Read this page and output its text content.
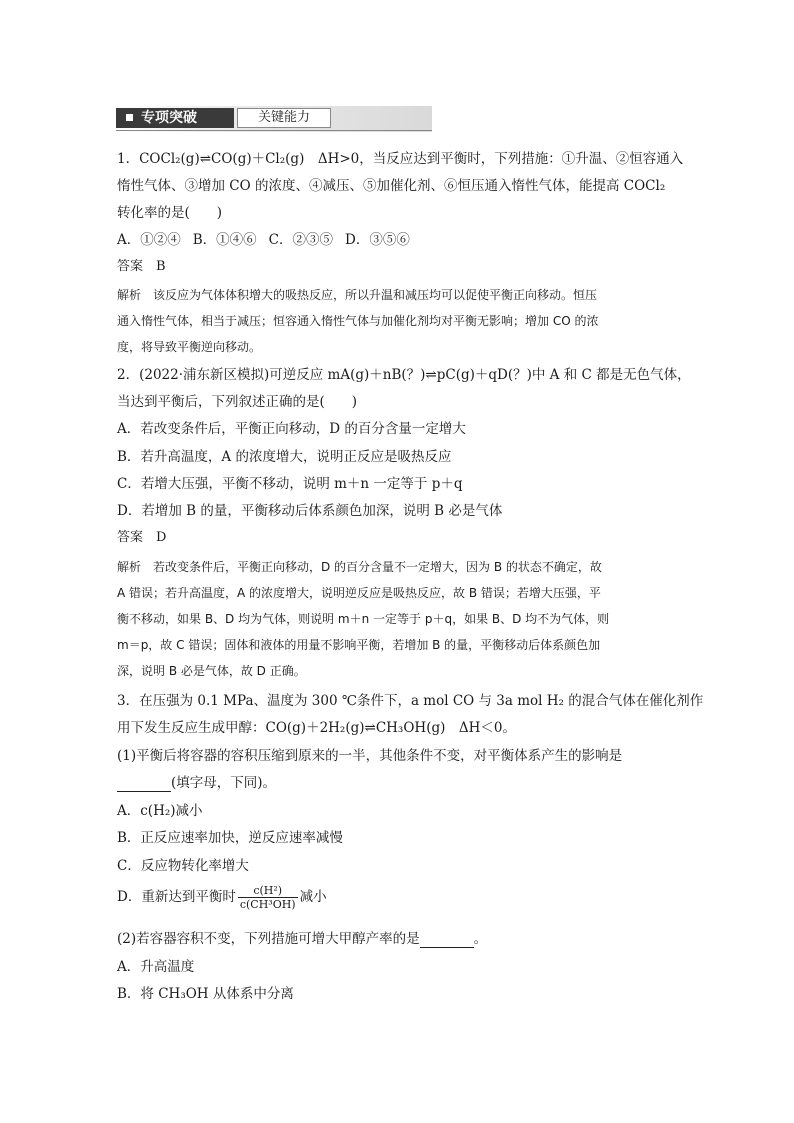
专项突破	关键能力
1．COCl₂(g)⇌CO(g)＋Cl₂(g)　ΔH>0，当反应达到平衡时，下列措施：①升温、②恒容通入
惰性气体、③增加 CO 的浓度、④减压、⑤加催化剂、⑥恒压通入惰性气体，能提高 COCl₂
转化率的是(　　)
A．①②④ B．①④⑥ C．②③⑤ D．③⑤⑥
答案　B
解析　该反应为气体体积增大的吸热反应，所以升温和减压均可以促使平衡正向移动。恒压
通入惰性气体，相当于减压；恒容通入惰性气体与加催化剂均对平衡无影响；增加 CO 的浓
度，将导致平衡逆向移动。
2．(2022·浦东新区模拟)可逆反应 mA(g)＋nB(？)⇌pC(g)＋qD(？)中 A 和 C 都是无色气体，
当达到平衡后，下列叙述正确的是(　　)
A．若改变条件后，平衡正向移动，D 的百分含量一定增大
B．若升高温度，A 的浓度增大，说明正反应是吸热反应
C．若增大压强，平衡不移动，说明 m＋n 一定等于 p＋q
D．若增加 B 的量，平衡移动后体系颜色加深，说明 B 必是气体
答案　D
解析　若改变条件后，平衡正向移动，D 的百分含量不一定增大，因为 B 的状态不确定，故
A 错误；若升高温度，A 的浓度增大，说明逆反应是吸热反应，故 B 错误；若增大压强，平
衡不移动，如果 B、D 均为气体，则说明 m＋n 一定等于 p＋q，如果 B、D 均不为气体，则
m＝p，故 C 错误；固体和液体的用量不影响平衡，若增加 B 的量，平衡移动后体系颜色加
深，说明 B 必是气体，故 D 正确。
3．在压强为 0.1 MPa、温度为 300 ℃条件下，a mol CO 与 3a mol H₂ 的混合气体在催化剂作
用下发生反应生成甲醇：CO(g)＋2H₂(g)⇌CH₃OH(g)　ΔH＜0。
(1)平衡后将容器的容积压缩到原来的一半，其他条件不变，对平衡体系产生的影响是
(填字母，下同)。
A．c(H₂)减小
B．正反应速率加快，逆反应速率减慢
C．反应物转化率增大
D．重新达到平衡时 $\frac{\text{c(H²)}}{\text{c(CH³OH)}}$ 减小
(2)若容器容积不变，下列措施可增大甲醇产率的是	。
A．升高温度
B．将 CH₃OH 从体系中分离
